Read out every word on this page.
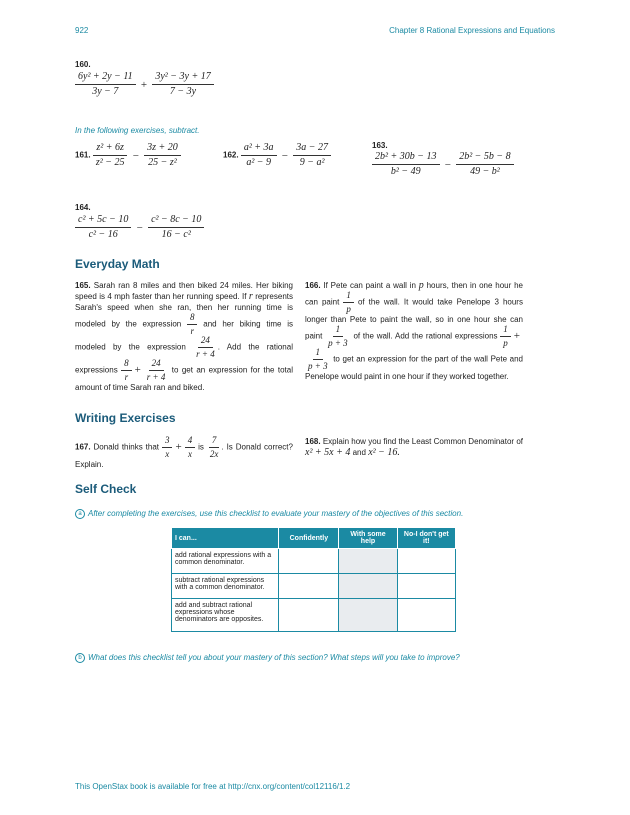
922	Chapter 8 Rational Expressions and Equations
160.
$\frac{\text{6y² + 2y − 11}}{3y - 7} + \frac{\text{3y² − 3y + 17}}{7 - 3y}$
In the following exercises, subtract.
161. $\frac{\text{z² + 6z}}{\text{z² − 25}} - \frac{3z + 20}{\text{25 − z²}}$	162. $\frac{\text{a² + 3a}}{\text{a² − 9}} - \frac{3a - 27}{\text{9 − a²}}$	163.
$\frac{\text{2b² + 30b − 13}}{\text{b² − 49}} - \frac{\text{2b² − 5b − 8}}{\text{49 − b²}}$
164.
$\frac{\text{c² + 5c − 10}}{\text{c² − 16}} - \frac{\text{c² − 8c − 10}}{\text{16 − c²}}$
Everyday Math
165. Sarah ran 8 miles and then biked 24 miles. Her biking speed is 4 mph faster than her running speed. If r represents Sarah's speed when she ran, then her running time is modeled by the expression $\frac{8}{r}$ and her biking time is modeled by the expression $\frac{24}{r + 4}$ . Add the rational expressions $\frac{8}{r} + \frac{24}{r + 4}$ to get an expression for the total amount of time Sarah ran and biked.
166. If Pete can paint a wall in p hours, then in one hour he can paint $\frac{1}{p}$ of the wall. It would take Penelope 3 hours longer than Pete to paint the wall, so in one hour she can paint $\frac{1}{p + 3}$ of the wall. Add the rational expressions $\frac{1}{p}$ +
$\frac{1}{p + 3}$ to get an expression for the part of the wall Pete and Penelope would paint in one hour if they worked together.
Writing Exercises
167. Donald thinks that $\frac{3}{x} + \frac{4}{x}$ is $\frac{7}{2x}$ . Is Donald correct? Explain.
168. Explain how you find the Least Common Denominator of x² + 5x + 4 and x² − 16.
Self Check
a After completing the exercises, use this checklist to evaluate your mastery of the objectives of this section.
I can...	Confidently	With some help	No-I don't get it!
add rational expressions with a common denominator.			
subtract rational expressions with a common denominator.			
add and subtract rational expressions whose denominators are opposites.			
b What does this checklist tell you about your mastery of this section? What steps will you take to improve?
This OpenStax book is available for free at http://cnx.org/content/col12116/1.2
